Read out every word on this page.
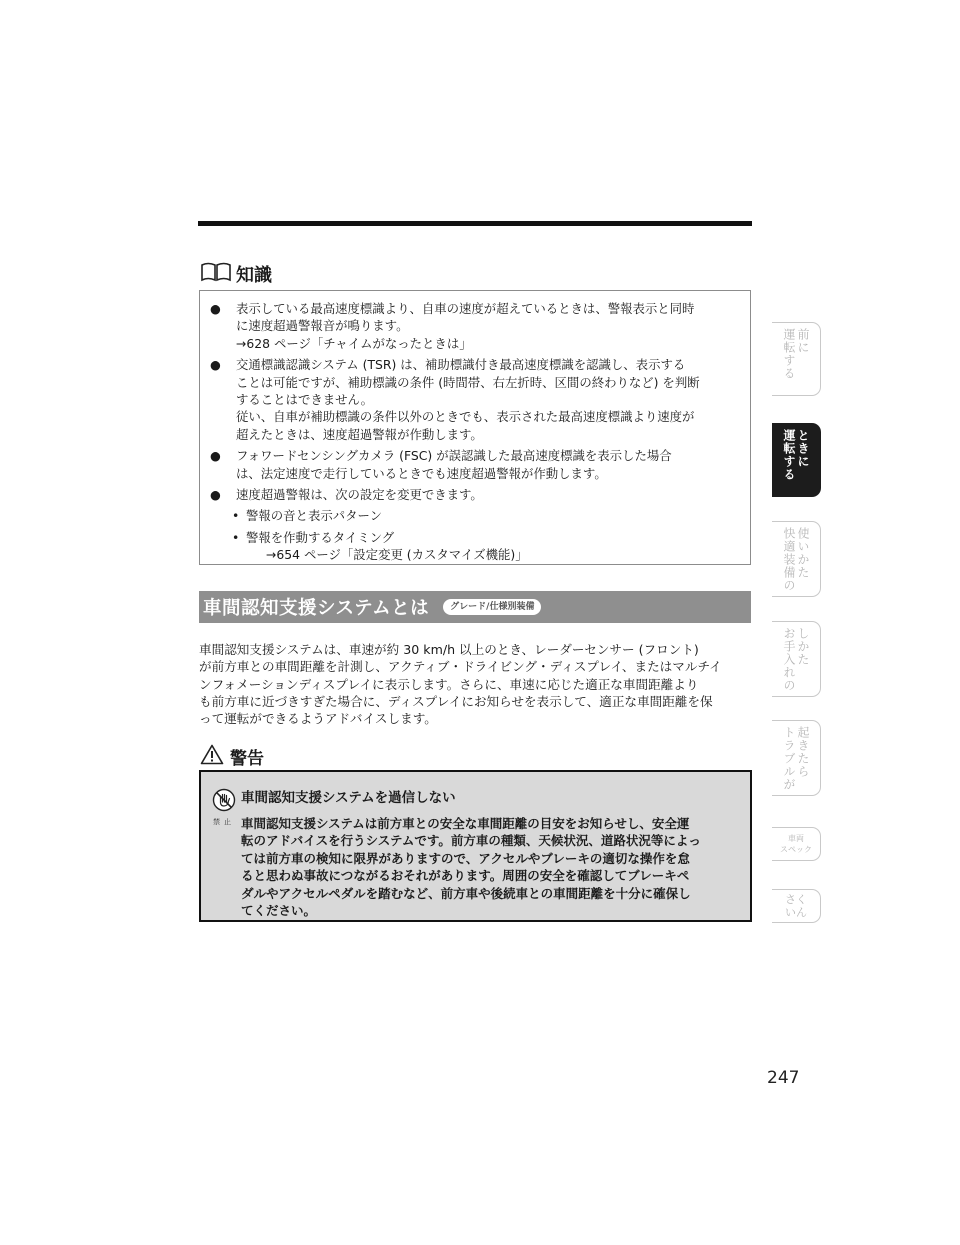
知識
● 表示している最高速度標識より、自車の速度が超えているときは、警報表示と同時
に速度超過警報音が鳴ります。
→628 ページ「チャイムがなったときは」
● 交通標識認識システム (TSR) は、補助標識付き最高速度標識を認識し、表示する
ことは可能ですが、補助標識の条件 (時間帯、右左折時、区間の終わりなど) を判断
することはできません。
従い、自車が補助標識の条件以外のときでも、表示された最高速度標識より速度が
超えたときは、速度超過警報が作動します。
● フォワードセンシングカメラ (FSC) が誤認識した最高速度標識を表示した場合
は、法定速度で走行しているときでも速度超過警報が作動します。
● 速度超過警報は、次の設定を変更できます。
• 警報の音と表示パターン
• 警報を作動するタイミング
→654 ページ「設定変更 (カスタマイズ機能)」
車間認知支援システムとは	グレード/仕様別装備
車間認知支援システムは、車速が約 30 km/h 以上のとき、レーダーセンサー (フロント)
が前方車との車間距離を計測し、アクティブ・ドライビング・ディスプレイ、またはマルチイ
ンフォメーションディスプレイに表示します。さらに、車速に応じた適正な車間距離より
も前方車に近づきすぎた場合に、ディスプレイにお知らせを表示して、適正な車間距離を保
って運転ができるようアドバイスします。
警告
禁止
車間認知支援システムを過信しない
車間認知支援システムは前方車との安全な車間距離の目安をお知らせし、安全運
転のアドバイスを行うシステムです。前方車の種類、天候状況、道路状況等によっ
ては前方車の検知に限界がありますので、アクセルやブレーキの適切な操作を怠
ると思わぬ事故につながるおそれがあります。周囲の安全を確認してブレーキペ
ダルやアクセルペダルを踏むなど、前方車や後続車との車間距離を十分に確保し
てください。
運転する 前に
運転する ときに
快適装備の 使いかた
お手入れの しかた
トラブルが 起きたら
車両
スペック
さく
いん
247
